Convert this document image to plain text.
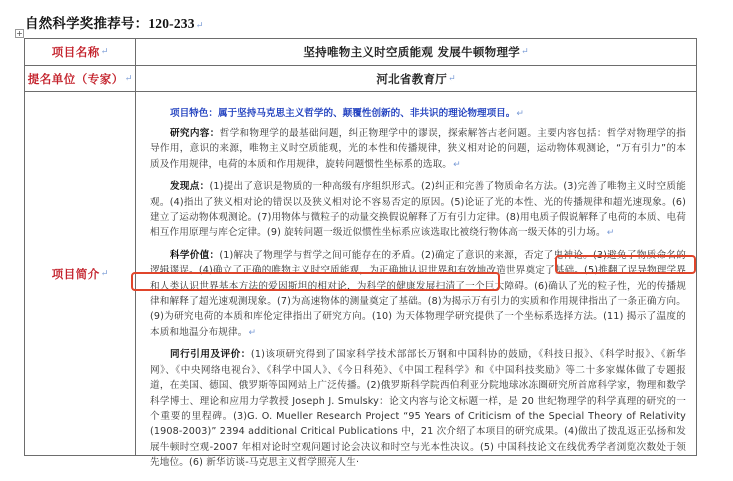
自然科学奖推荐号：120-233↵
+
项目名称 ↵	坚持唯物主义时空质能观 发展牛顿物理学 ↵
提名单位（专家） ↵	河北省教育厅 ↵
项目简介 ↵

项目特色：属于坚持马克思主义哲学的、颠覆性创新的、非共识的理论物理项目。↵

研究内容：哲学和物理学的最基础问题，纠正物理学中的谬误，探索解答古老问题。主要内容包括：哲学对物理学的指导作用，意识的来源，唯物主义时空质能观，光的本性和传播规律，狭义相对论的问题，运动物体观测论，“万有引力”的本质及作用规律，电荷的本质和作用规律，旋转问题惯性坐标系的选取。↵

发现点：(1)提出了意识是物质的一种高级有序组织形式。(2)纠正和完善了物质命名方法。(3)完善了唯物主义时空质能观。(4)指出了狭义相对论的错误以及狭义相对论不容易否定的原因。(5)论证了光的本性、光的传播规律和超光速现象。(6)建立了运动物体观测论。(7)用物体与微粒子的动量交换假说解释了万有引力定律。(8)用电质子假说解释了电荷的本质、电荷相互作用原理与库仑定律。(9) 旋转问题一级近似惯性坐标系应该选取比被绕行物体高一级天体的引力场。↵

科学价值：(1)解决了物理学与哲学之间可能存在的矛盾。(2)确定了意识的来源，否定了鬼神论。(3)避免了物质命名的逻辑谬误。(4)确立了正确的唯物主义时空质能观，为正确地认识世界和有效地改造世界奠定了基础。(5)推翻了误导物理学界和人类认识世界基本方法的爱因斯坦的相对论，为科学的健康发展扫清了一个巨大障碍。(6)确认了光的粒子性，光的传播规律和解释了超光速观测现象。(7)为高速物体的测量奠定了基础。(8)为揭示万有引力的实质和作用规律指出了一条正确方向。(9)为研究电荷的本质和库伦定律指出了研究方向。(10) 为天体物理学研究提供了一个坐标系选择方法。(11) 揭示了温度的本质和地温分布规律。↵

同行引用及评价：(1)该项研究得到了国家科学技术部部长万钢和中国科协的鼓励，《科技日报》、《科学时报》、《新华网》、《中央网络电视台》、《科学中国人》、《今日科苑》、《中国工程科学》和《中国科技奖励》等二十多家媒体做了专题报道，在美国、德国、俄罗斯等国网站上广泛传播。(2)俄罗斯科学院西伯利亚分院地球冰冻圈研究所首席科学家，物理和数学科学博士、理论和应用力学教授 Joseph J. Smulsky：论文内容与论文标题一样，是 20 世纪物理学的科学真理的研究的一个重要的里程碑。(3)G. O. Mueller Research Project “95 Years of Criticism of the Special Theory of Relativity (1908-2003)” 2394 additional Critical Publications 中，21 次介绍了本项目的研究成果。(4)做出了拨乱返正弘扬和发展牛顿时空观-2007 年相对论时空观问题讨论会决议和时空与光本性决议。(5) 中国科技论文在线优秀学者浏览次数处于领先地位。(6) 新华访谈-马克思主义哲学照亮人生·
